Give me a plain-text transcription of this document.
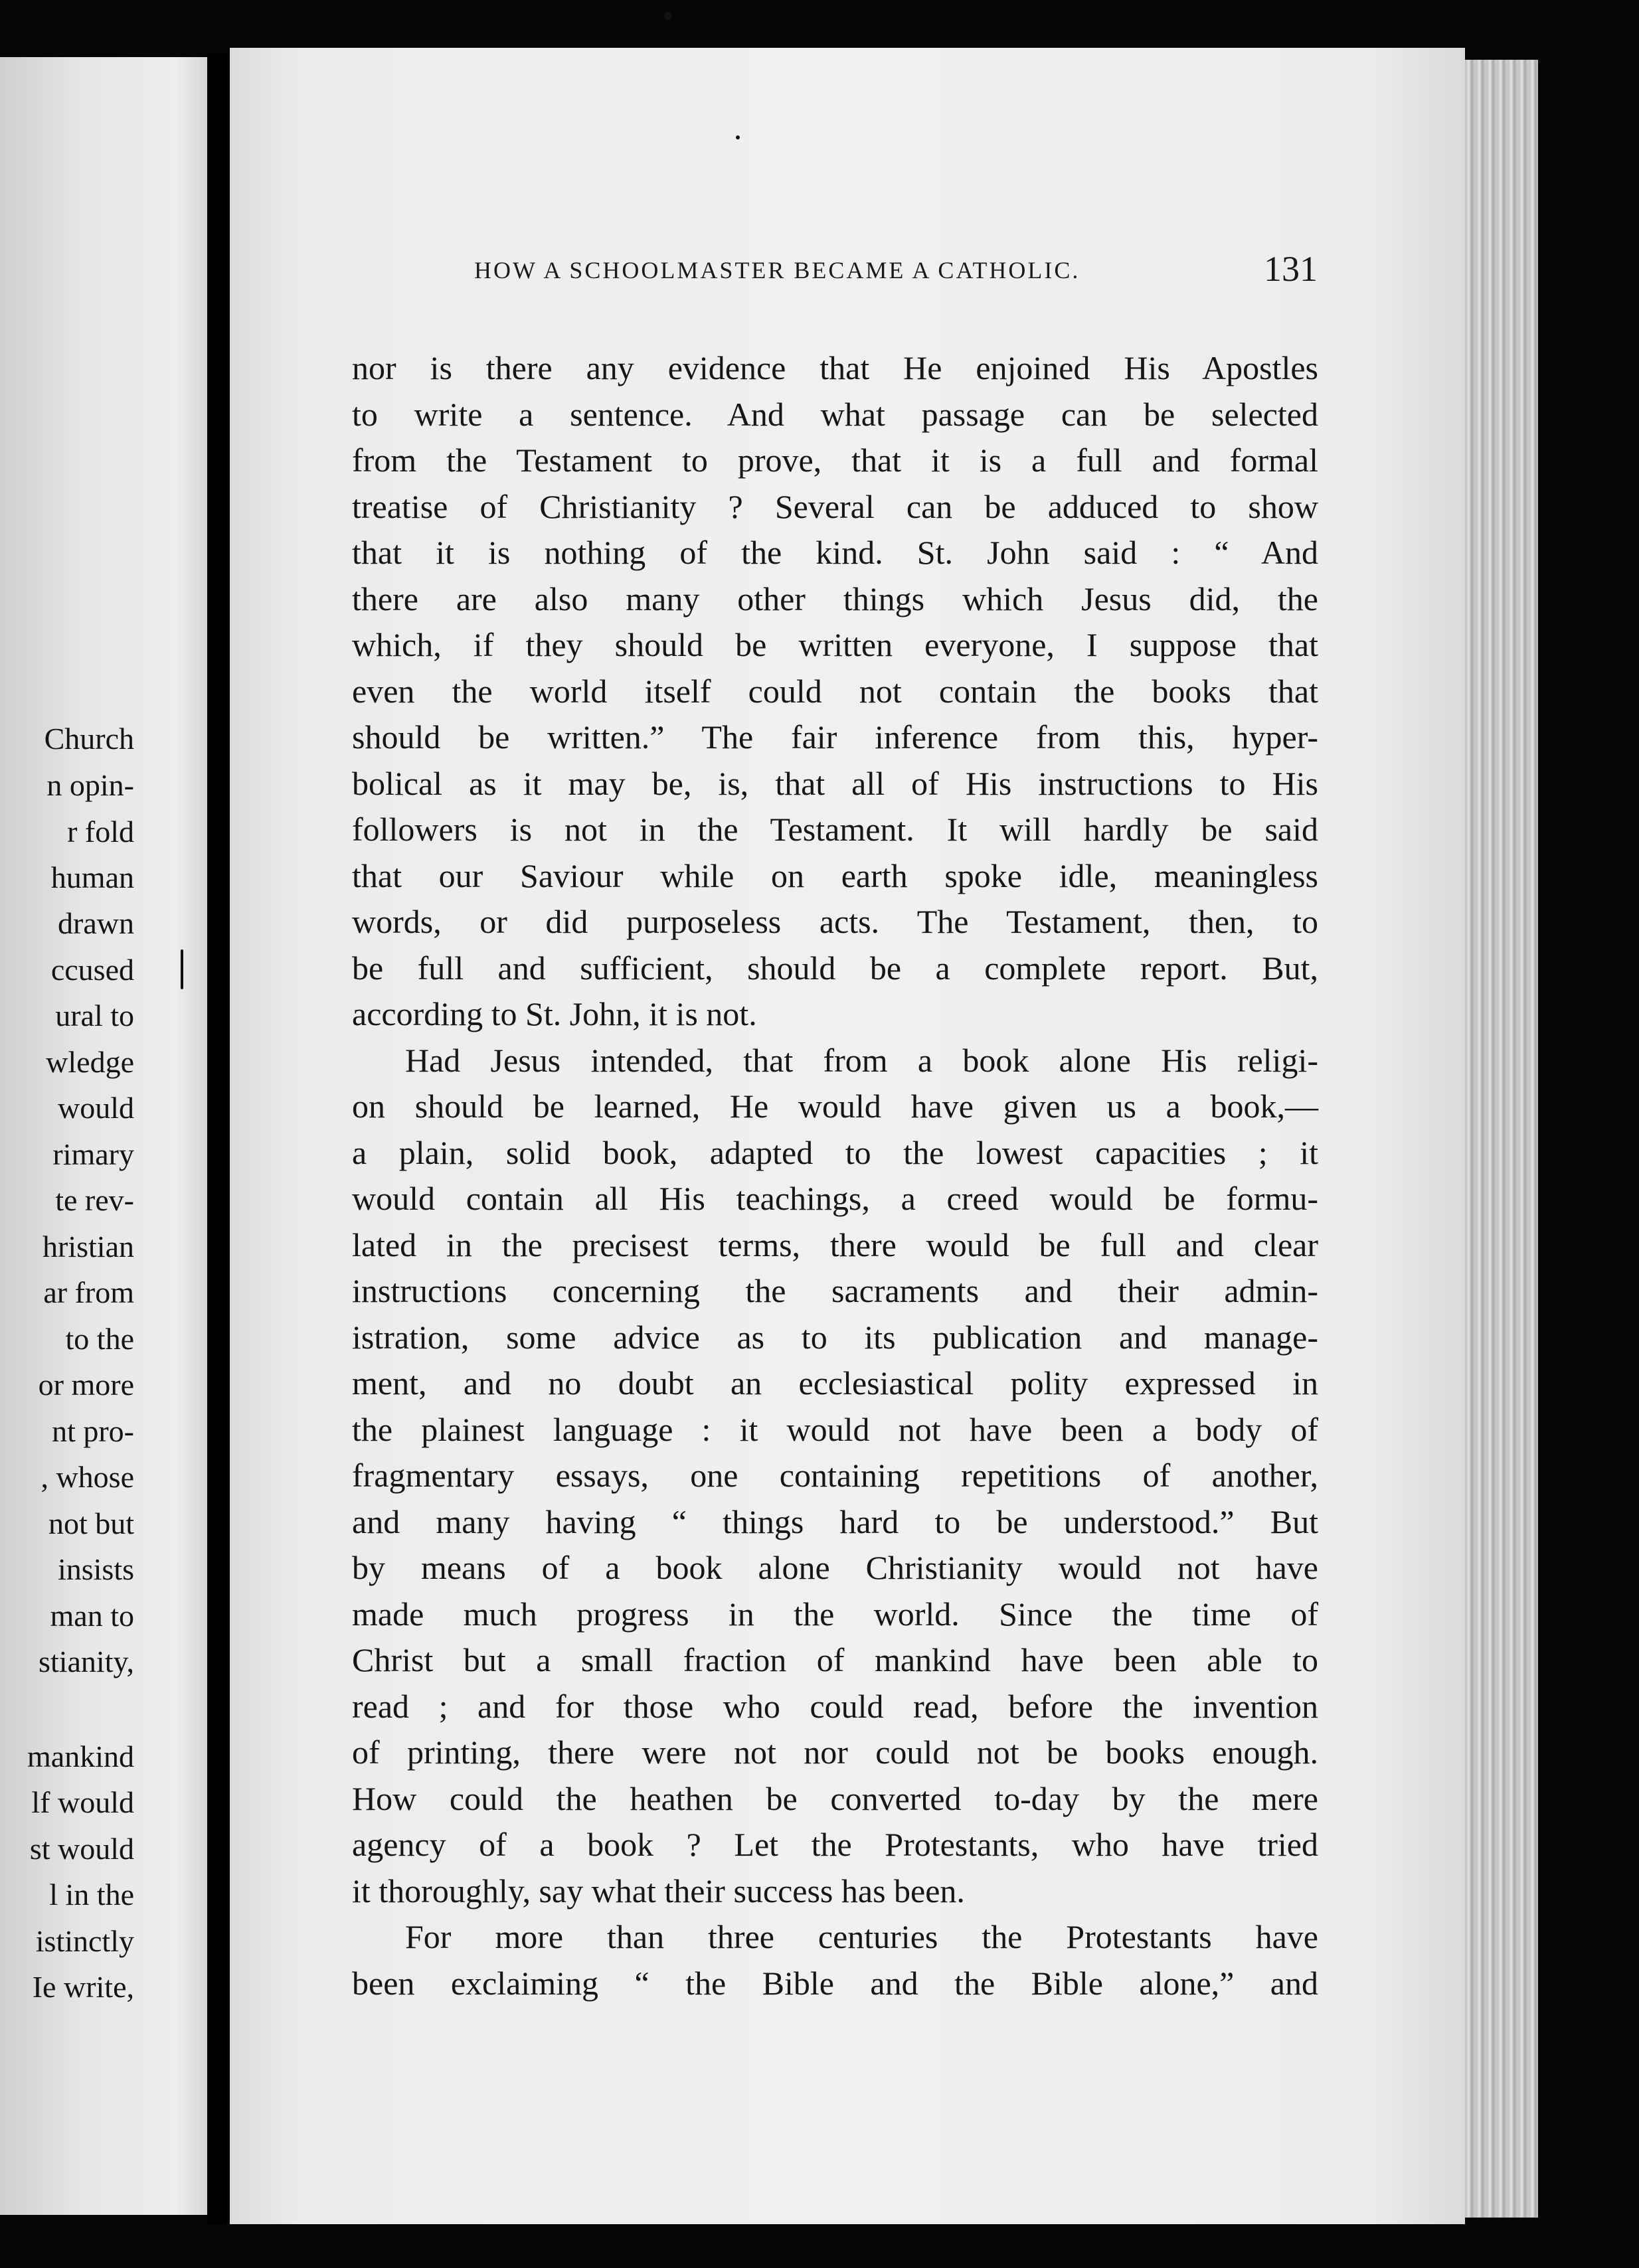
Church
n opin-
r fold
human
drawn
ccused
ural to
wledge
would
rimary
te rev-
hristian
ar from
to the
or more
nt pro-
, whose
not but
insists
man to
stianity,
mankind
lf would
st would
l in the
istinctly
Ie write,
HOW A SCHOOLMASTER BECAME A CATHOLIC.	131
nor is there any evidence that He enjoined His Apostles
to write a sentence. And what passage can be selected
from the Testament to prove, that it is a full and formal
treatise of Christianity ? Several can be adduced to show
that it is nothing of the kind. St. John said : “ And
there are also many other things which Jesus did, the
which, if they should be written everyone, I suppose that
even the world itself could not contain the books that
should be written.” The fair inference from this, hyper-
bolical as it may be, is, that all of His instructions to His
followers is not in the Testament. It will hardly be said
that our Saviour while on earth spoke idle, meaningless
words, or did purposeless acts. The Testament, then, to
be full and sufficient, should be a complete report. But,
according to St. John, it is not.
Had Jesus intended, that from a book alone His religi-
on should be learned, He would have given us a book,—
a plain, solid book, adapted to the lowest capacities ; it
would contain all His teachings, a creed would be formu-
lated in the precisest terms, there would be full and clear
instructions concerning the sacraments and their admin-
istration, some advice as to its publication and manage-
ment, and no doubt an ecclesiastical polity expressed in
the plainest language : it would not have been a body of
fragmentary essays, one containing repetitions of another,
and many having “ things hard to be understood.” But
by means of a book alone Christianity would not have
made much progress in the world. Since the time of
Christ but a small fraction of mankind have been able to
read ; and for those who could read, before the invention
of printing, there were not nor could not be books enough.
How could the heathen be converted to-day by the mere
agency of a book ? Let the Protestants, who have tried
it thoroughly, say what their success has been.
For more than three centuries the Protestants have
been exclaiming “ the Bible and the Bible alone,” and
